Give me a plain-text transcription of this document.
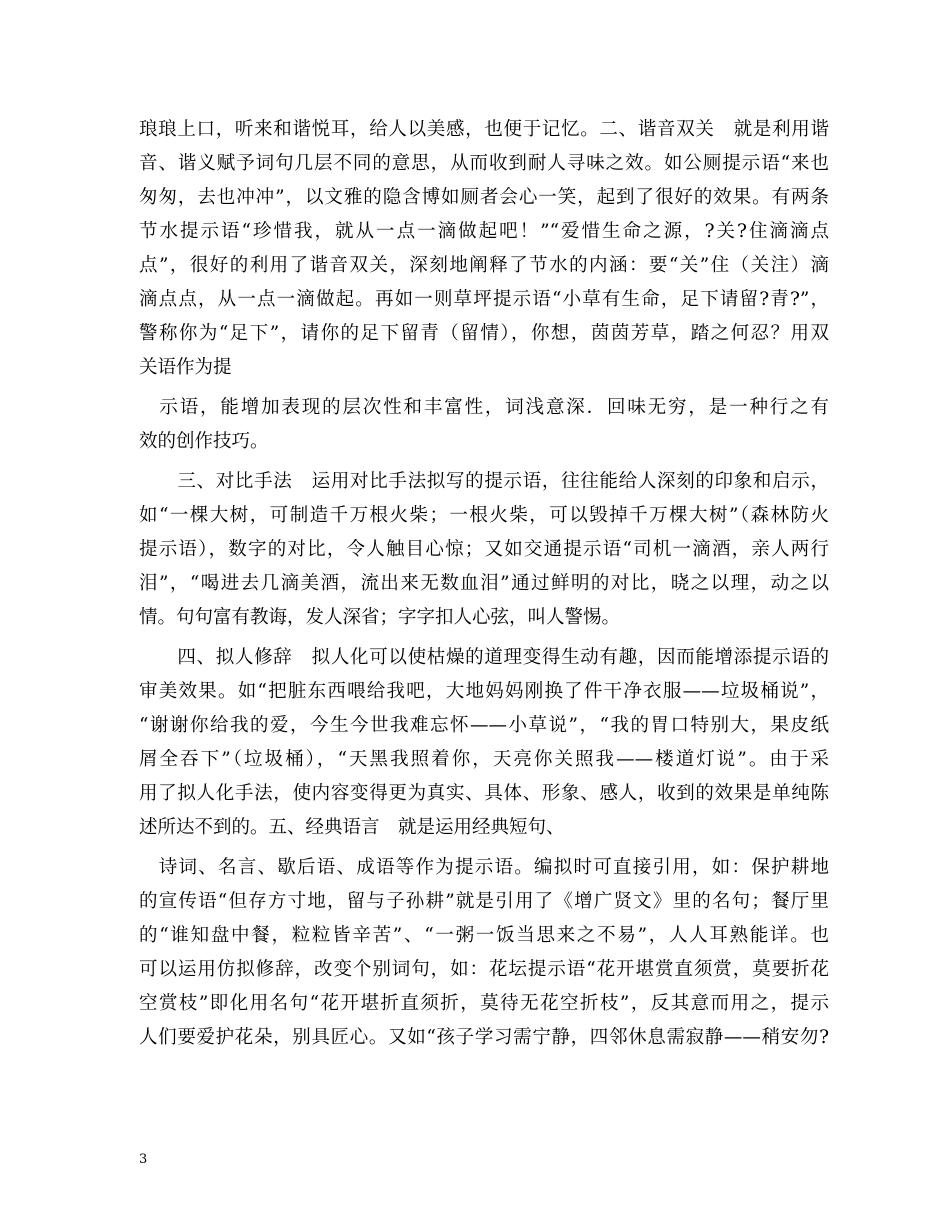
琅琅上口，听来和谐悦耳，给人以美感，也便于记忆。二、谐音双关　就是利用谐
音、谐义赋予词句几层不同的意思，从而收到耐人寻味之效。如公厕提示语“来也
匆匆，去也冲冲”，以文雅的隐含博如厕者会心一笑，起到了很好的效果。有两条
节水提示语“珍惜我，就从一点一滴做起吧！”“爱惜生命之源，?关?住滴滴点
点”，很好的利用了谐音双关，深刻地阐释了节水的内涵：要“关”住（关注）滴
滴点点，从一点一滴做起。再如一则草坪提示语“小草有生命，足下请留?青?”，
警称你为“足下”，请你的足下留青（留情），你想，茵茵芳草，踏之何忍？用双
关语作为提
　示语，能增加表现的层次性和丰富性，词浅意深．回味无穷，是一种行之有
效的创作技巧。
　　三、对比手法　运用对比手法拟写的提示语，往往能给人深刻的印象和启示，
如“一棵大树，可制造千万根火柴；一根火柴，可以毁掉千万棵大树”（森林防火
提示语），数字的对比，令人触目心惊；又如交通提示语“司机一滴酒，亲人两行
泪”，“喝进去几滴美酒，流出来无数血泪”通过鲜明的对比，晓之以理，动之以
情。句句富有教诲，发人深省；字字扣人心弦，叫人警惕。
　　四、拟人修辞　拟人化可以使枯燥的道理变得生动有趣，因而能增添提示语的
审美效果。如“把脏东西喂给我吧，大地妈妈刚换了件干净衣服——垃圾桶说”，
“谢谢你给我的爱，今生今世我难忘怀——小草说”，“我的胃口特别大，果皮纸
屑全吞下”（垃圾桶），“天黑我照着你，天亮你关照我——楼道灯说”。由于采
用了拟人化手法，使内容变得更为真实、具体、形象、感人，收到的效果是单纯陈
述所达不到的。五、经典语言　就是运用经典短句、
　诗词、名言、歇后语、成语等作为提示语。编拟时可直接引用，如：保护耕地
的宣传语“但存方寸地，留与子孙耕”就是引用了《增广贤文》里的名句；餐厅里
的“谁知盘中餐，粒粒皆辛苦”、“一粥一饭当思来之不易”，人人耳熟能详。也
可以运用仿拟修辞，改变个别词句，如：花坛提示语“花开堪赏直须赏，莫要折花
空赏枝”即化用名句“花开堪折直须折，莫待无花空折枝”，反其意而用之，提示
人们要爱护花朵，别具匠心。又如“孩子学习需宁静，四邻休息需寂静——稍安勿?
3
